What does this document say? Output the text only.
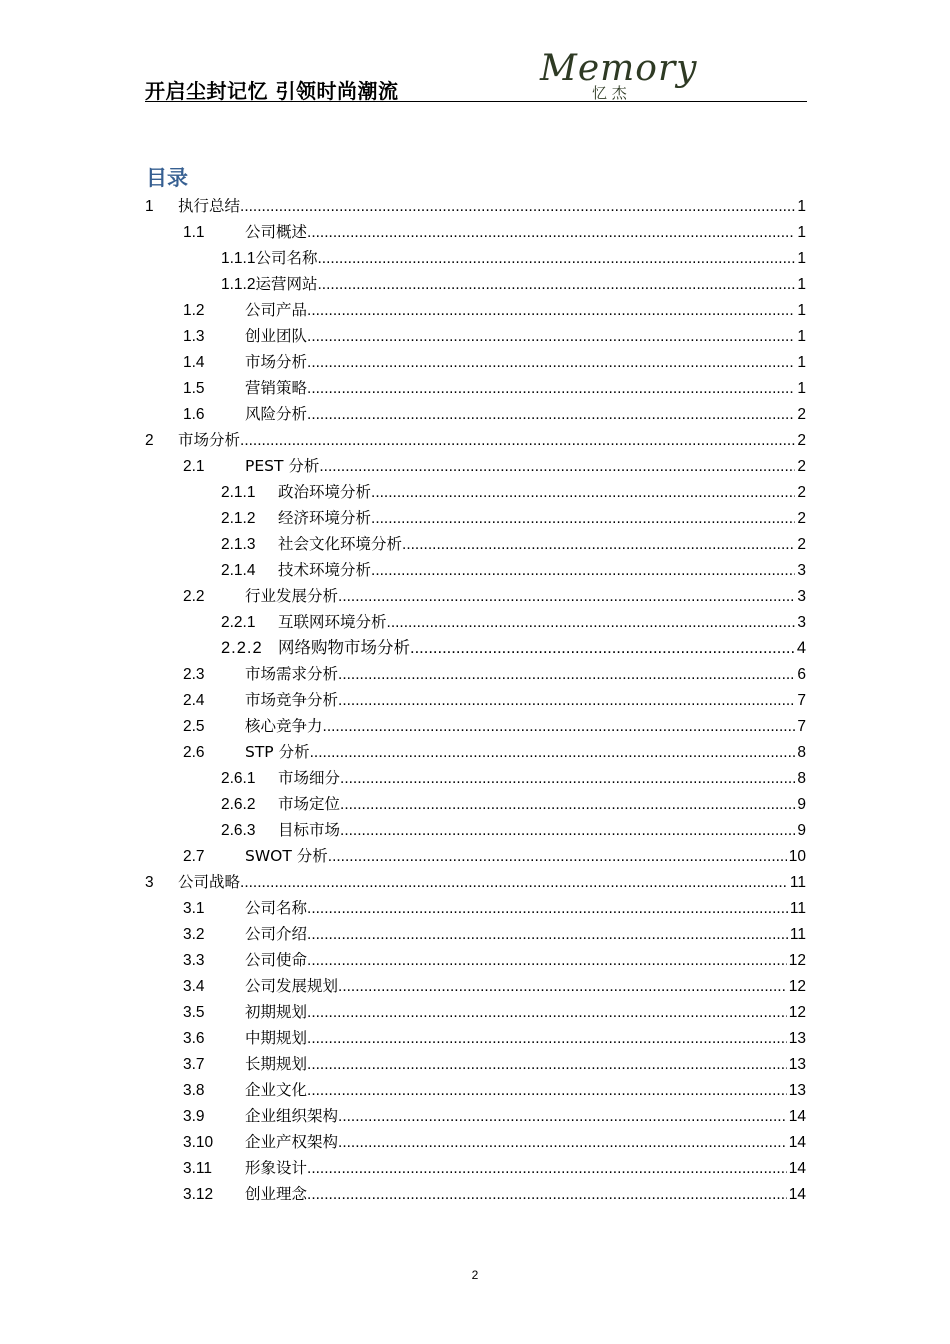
开启尘封记忆 引领时尚潮流
Memory
忆 杰
目录
1	执行总结 .....	1
1.1	公司概述 .....	1
1.1.1 公司名称 .....	1
1.1.2 运营网站 .....	1
1.2	公司产品 .....	1
1.3	创业团队 .....	1
1.4	市场分析 .....	1
1.5	营销策略 .....	1
1.6	风险分析 .....	2
2	市场分析 .....	2
2.1	PEST 分析 .....	2
2.1.1	政治环境分析 .....	2
2.1.2	经济环境分析 .....	2
2.1.3	社会文化环境分析 .....	2
2.1.4	技术环境分析 .....	3
2.2	行业发展分析 .....	3
2.2.1	互联网环境分析 .....	3
2.2.2 网络购物市场分析 .....	4
2.3	市场需求分析 .....	6
2.4	市场竞争分析 .....	7
2.5	核心竞争力 .....	7
2.6	STP 分析 .....	8
2.6.1	市场细分 .....	8
2.6.2	市场定位 .....	9
2.6.3	目标市场 .....	9
2.7	SWOT 分析 .....	10
3	公司战略 .....	11
3.1	公司名称 .....	11
3.2	公司介绍 .....	11
3.3	公司使命 .....	12
3.4	公司发展规划 .....	12
3.5	初期规划 .....	12
3.6	中期规划 .....	13
3.7	长期规划 .....	13
3.8	企业文化 .....	13
3.9	企业组织架构 .....	14
3.10	企业产权架构 .....	14
3.11	形象设计 .....	14
3.12	创业理念 .....	14
2
